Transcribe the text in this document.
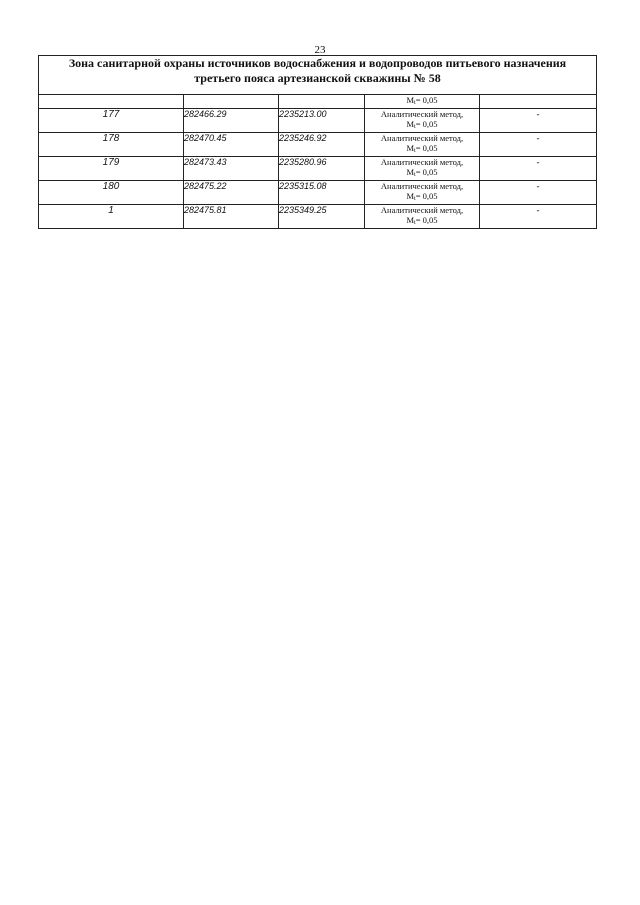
23
Зона санитарной охраны источников водоснабжения и водопроводов питьевого назначения
третьего пояса артезианской скважины № 58				

			Mt= 0,05	
177	282466.29	2235213.00	Аналитический метод,
Mt= 0,05	-
178	282470.45	2235246.92	Аналитический метод,
Mt= 0,05	-
179	282473.43	2235280.96	Аналитический метод,
Mt= 0,05	-
180	282475.22	2235315.08	Аналитический метод,
Mt= 0,05	-
1	282475.81	2235349.25	Аналитический метод,
Mt= 0,05	-
